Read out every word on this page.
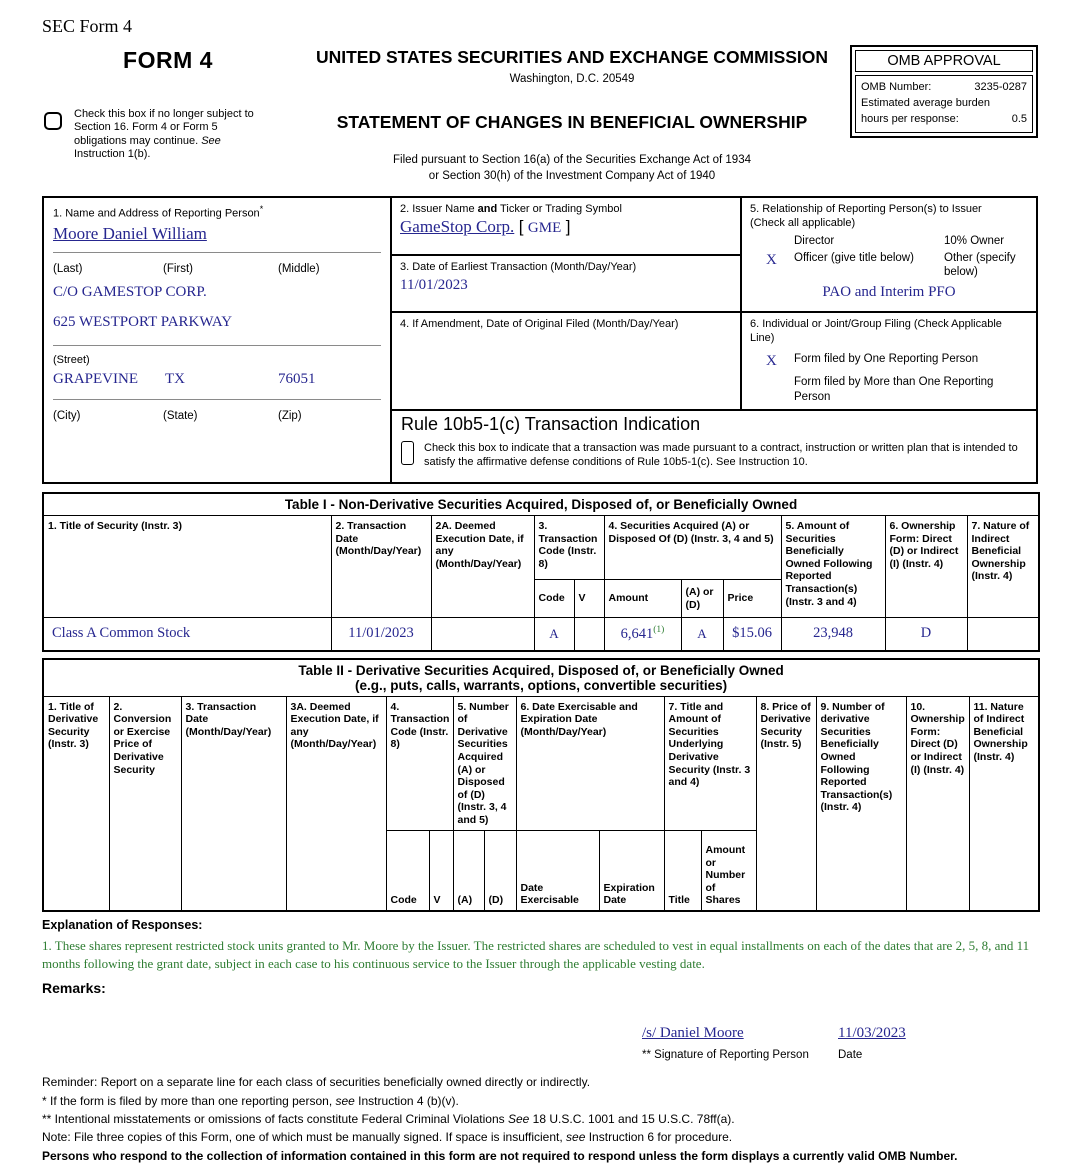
SEC Form 4
FORM 4
Check this box if no longer subject to Section 16. Form 4 or Form 5 obligations may continue. See Instruction 1(b).
UNITED STATES SECURITIES AND EXCHANGE COMMISSION
Washington, D.C. 20549
STATEMENT OF CHANGES IN BENEFICIAL OWNERSHIP
Filed pursuant to Section 16(a) of the Securities Exchange Act of 1934
or Section 30(h) of the Investment Company Act of 1940
OMB APPROVAL
OMB Number:	3235-0287
Estimated average burden
hours per response:	0.5
1. Name and Address of Reporting Person*
Moore Daniel William
(Last)	(First)	(Middle)
C/O GAMESTOP CORP.
625 WESTPORT PARKWAY
(Street)
GRAPEVINE	TX	76051
(City)	(State)	(Zip)
2. Issuer Name and Ticker or Trading Symbol
GameStop Corp. [ GME ]
3. Date of Earliest Transaction (Month/Day/Year)
11/01/2023
4. If Amendment, Date of Original Filed (Month/Day/Year)
5. Relationship of Reporting Person(s) to Issuer
(Check all applicable)
Director	10% Owner
X	Officer (give title below)	Other (specify below)
PAO and Interim PFO
6. Individual or Joint/Group Filing (Check Applicable Line)
X	Form filed by One Reporting Person
Form filed by More than One Reporting Person
Rule 10b5-1(c) Transaction Indication
Check this box to indicate that a transaction was made pursuant to a contract, instruction or written plan that is intended to satisfy the affirmative defense conditions of Rule 10b5-1(c). See Instruction 10.
Table I - Non-Derivative Securities Acquired, Disposed of, or Beneficially Owned										
1. Title of Security (Instr. 3)	2. Transaction Date (Month/Day/Year)	2A. Deemed Execution Date, if any (Month/Day/Year)	3. Transaction Code (Instr. 8)		4. Securities Acquired (A) or Disposed Of (D) (Instr. 3, 4 and 5)			5. Amount of Securities Beneficially Owned Following Reported Transaction(s) (Instr. 3 and 4)	6. Ownership Form: Direct (D) or Indirect (I) (Instr. 4)	7. Nature of Indirect Beneficial Ownership (Instr. 4)
			Code	V	Amount	(A) or (D)	Price			
Class A Common Stock	11/01/2023		A		6,641$^{(1)}$	A	$15.06	23,948	D	
Table II - Derivative Securities Acquired, Disposed of, or Beneficially Owned
(e.g., puts, calls, warrants, options, convertible securities)															

1. Title of Derivative Security (Instr. 3)	2. Conversion or Exercise Price of Derivative Security	3. Transaction Date (Month/Day/Year)	3A. Deemed Execution Date, if any (Month/Day/Year)	4. Transaction Code (Instr. 8)		5. Number of Derivative Securities Acquired (A) or Disposed of (D) (Instr. 3, 4 and 5)		6. Date Exercisable and Expiration Date (Month/Day/Year)		7. Title and Amount of Securities Underlying Derivative Security (Instr. 3 and 4)		8. Price of Derivative Security (Instr. 5)	9. Number of derivative Securities Beneficially Owned Following Reported Transaction(s) (Instr. 4)	10. Ownership Form: Direct (D) or Indirect (I) (Instr. 4)	11. Nature of Indirect Beneficial Ownership (Instr. 4)
				Code	V	(A)	(D)	Date Exercisable	Expiration Date	Title	Amount or Number of Shares				
Explanation of Responses:
1. These shares represent restricted stock units granted to Mr. Moore by the Issuer. The restricted shares are scheduled to vest in equal installments on each of the dates that are 2, 5, 8, and 11 months following the grant date, subject in each case to his continuous service to the Issuer through the applicable vesting date.
Remarks:
/s/ Daniel Moore
** Signature of Reporting Person
11/03/2023
Date
Reminder: Report on a separate line for each class of securities beneficially owned directly or indirectly.
* If the form is filed by more than one reporting person, see Instruction 4 (b)(v).
** Intentional misstatements or omissions of facts constitute Federal Criminal Violations See 18 U.S.C. 1001 and 15 U.S.C. 78ff(a).
Note: File three copies of this Form, one of which must be manually signed. If space is insufficient, see Instruction 6 for procedure.
Persons who respond to the collection of information contained in this form are not required to respond unless the form displays a currently valid OMB Number.
